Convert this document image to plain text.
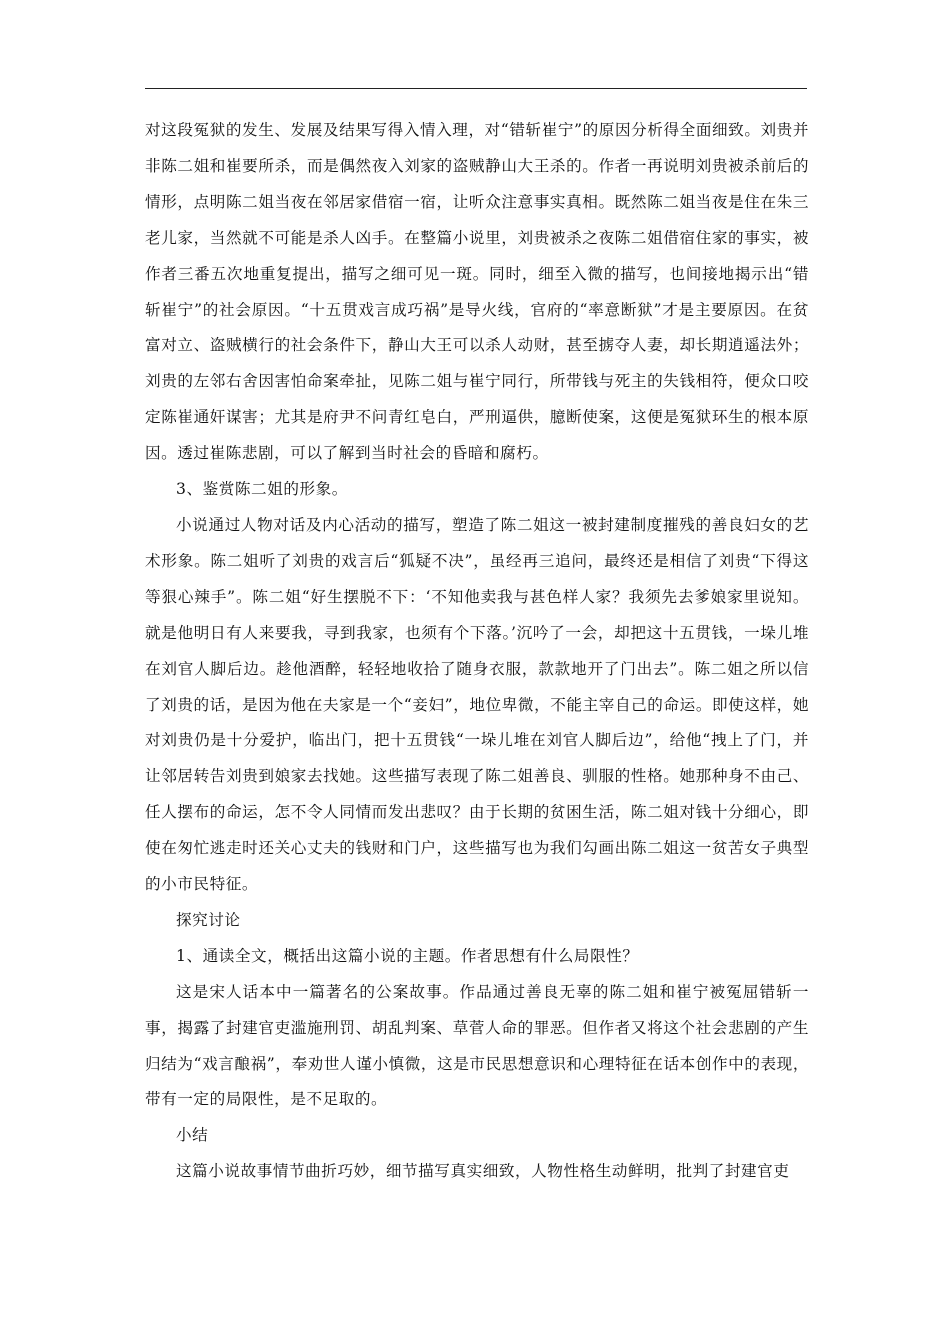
对这段冤狱的发生、发展及结果写得入情入理，对“错斩崔宁”的原因分析得全面细致。刘贵并非陈二姐和崔要所杀，而是偶然夜入刘家的盗贼静山大王杀的。作者一再说明刘贵被杀前后的情形，点明陈二姐当夜在邻居家借宿一宿，让听众注意事实真相。既然陈二姐当夜是住在朱三老儿家，当然就不可能是杀人凶手。在整篇小说里，刘贵被杀之夜陈二姐借宿住家的事实，被作者三番五次地重复提出，描写之细可见一斑。同时，细至入微的描写，也间接地揭示出“错斩崔宁”的社会原因。“十五贯戏言成巧祸”是导火线，官府的“率意断狱”才是主要原因。在贫富对立、盗贼横行的社会条件下，静山大王可以杀人动财，甚至掳夺人妻，却长期逍遥法外；刘贵的左邻右舍因害怕命案牵扯，见陈二姐与崔宁同行，所带钱与死主的失钱相符，便众口咬定陈崔通奸谋害；尤其是府尹不问青红皂白，严刑逼供，臆断使案，这便是冤狱环生的根本原因。透过崔陈悲剧，可以了解到当时社会的昏暗和腐朽。

3、鉴赏陈二姐的形象。

小说通过人物对话及内心活动的描写，塑造了陈二姐这一被封建制度摧残的善良妇女的艺术形象。陈二姐听了刘贵的戏言后“狐疑不决”，虽经再三追问，最终还是相信了刘贵“下得这等狠心辣手”。陈二姐“好生摆脱不下：‘不知他卖我与甚色样人家？我须先去爹娘家里说知。就是他明日有人来要我，寻到我家，也须有个下落。’沉吟了一会，却把这十五贯钱，一垛儿堆在刘官人脚后边。趁他酒醉，轻轻地收拾了随身衣服，款款地开了门出去”。陈二姐之所以信了刘贵的话，是因为他在夫家是一个“妾妇”，地位卑微，不能主宰自己的命运。即使这样，她对刘贵仍是十分爱护，临出门，把十五贯钱“一垛儿堆在刘官人脚后边”，给他“拽上了门，并让邻居转告刘贵到娘家去找她。这些描写表现了陈二姐善良、驯服的性格。她那种身不由己、任人摆布的命运，怎不令人同情而发出悲叹？由于长期的贫困生活，陈二姐对钱十分细心，即使在匆忙逃走时还关心丈夫的钱财和门户，这些描写也为我们勾画出陈二姐这一贫苦女子典型的小市民特征。

探究讨论

1、通读全文，概括出这篇小说的主题。作者思想有什么局限性？

这是宋人话本中一篇著名的公案故事。作品通过善良无辜的陈二姐和崔宁被冤屈错斩一事，揭露了封建官吏滥施刑罚、胡乱判案、草菅人命的罪恶。但作者又将这个社会悲剧的产生归结为“戏言酿祸”，奉劝世人谨小慎微，这是市民思想意识和心理特征在话本创作中的表现，带有一定的局限性，是不足取的。

小结

这篇小说故事情节曲折巧妙，细节描写真实细致，人物性格生动鲜明，批判了封建官吏
